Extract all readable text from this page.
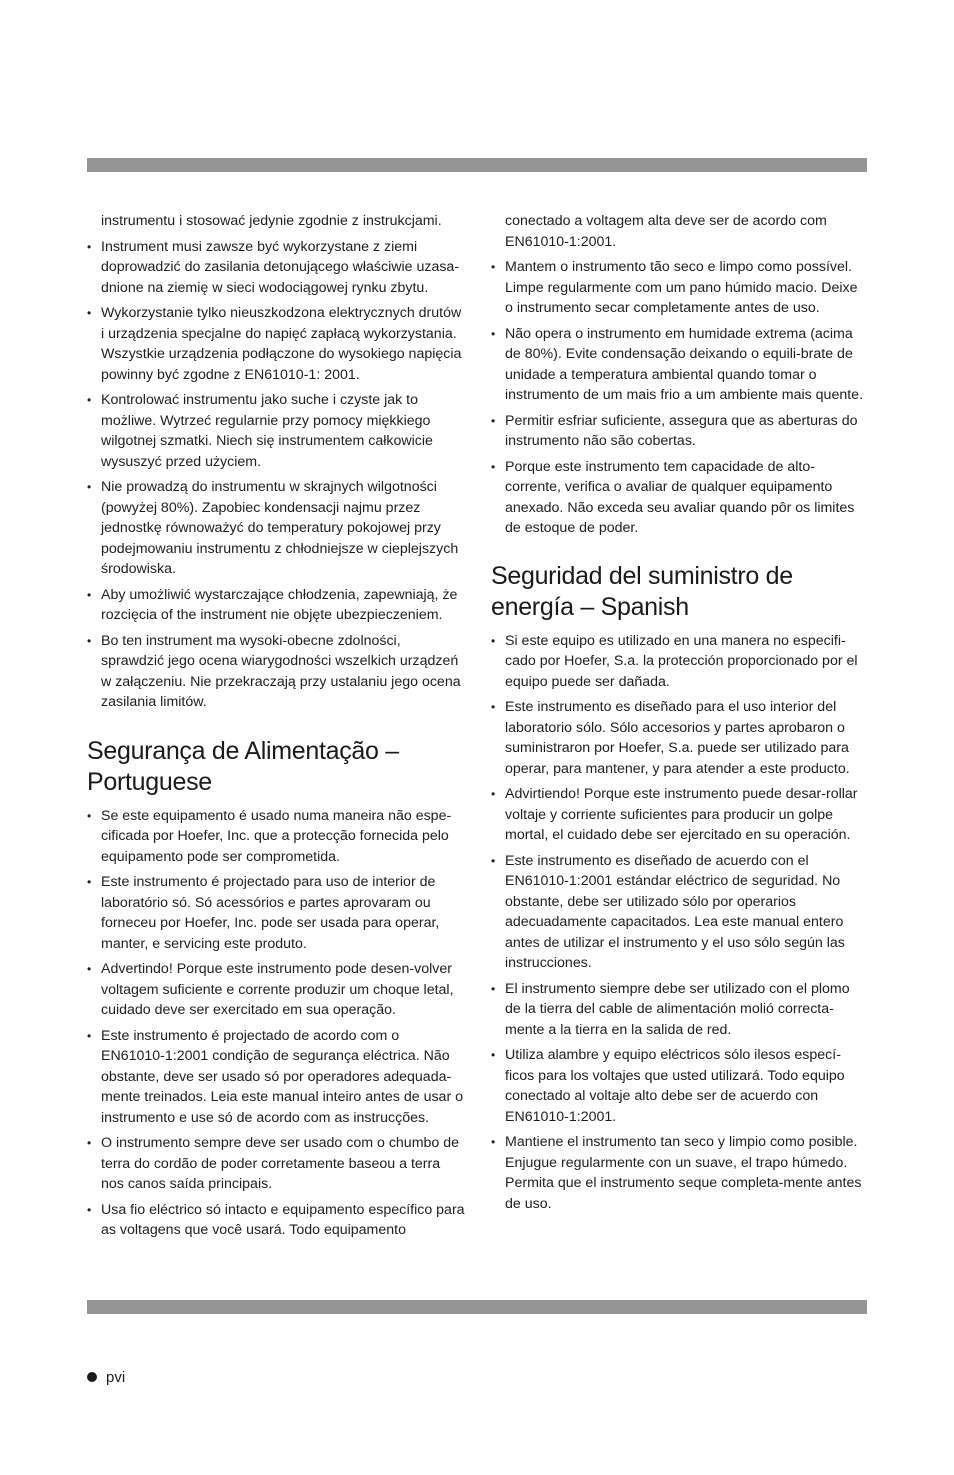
instrumentu i stosować jedynie zgodnie z instrukcjami.

• Instrument musi zawsze być wykorzystane z ziemi doprowadzić do zasilania detonującego właściwie uzasa-dnione na ziemię w sieci wodociągowej rynku zbytu.
• Wykorzystanie tylko nieuszkodzona elektrycznych drutów i urządzenia specjalne do napięć zapłacą wykorzystania. Wszystkie urządzenia podłączone do wysokiego napięcia powinny być zgodne z EN61010-1: 2001.
• Kontrolować instrumentu jako suche i czyste jak to możliwe. Wytrzeć regularnie przy pomocy miękkiego wilgotnej szmatki. Niech się instrumentem całkowicie wysuszyć przed użyciem.
• Nie prowadzą do instrumentu w skrajnych wilgotności (powyżej 80%). Zapobiec kondensacji najmu przez jednostkę równoważyć do temperatury pokojowej przy podejmowaniu instrumentu z chłodniejsze w cieplejszych środowiska.
• Aby umożliwić wystarczające chłodzenia, zapewniają, że rozcięcia of the instrument nie objęte ubezpieczeniem.
• Bo ten instrument ma wysoki-obecne zdolności, sprawdzić jego ocena wiarygodności wszelkich urządzeń w załączeniu. Nie przekraczają przy ustalaniu jego ocena zasilania limitów.
Segurança de Alimentação – Portuguese
• Se este equipamento é usado numa maneira não espe-cificada por Hoefer, Inc. que a protecção fornecida pelo equipamento pode ser comprometida.
• Este instrumento é projectado para uso de interior de laboratório só. Só acessórios e partes aprovaram ou forneceu por Hoefer, Inc. pode ser usada para operar, manter, e servicing este produto.
• Advertindo! Porque este instrumento pode desen-volver voltagem suficiente e corrente produzir um choque letal, cuidado deve ser exercitado em sua operação.
• Este instrumento é projectado de acordo com o EN61010-1:2001 condição de segurança eléctrica. Não obstante, deve ser usado só por operadores adequada-mente treinados. Leia este manual inteiro antes de usar o instrumento e use só de acordo com as instrucções.
• O instrumento sempre deve ser usado com o chumbo de terra do cordão de poder corretamente baseou a terra nos canos saída principais.
• Usa fio eléctrico só intacto e equipamento específico para as voltagens que você usará. Todo equipamento

conectado a voltagem alta deve ser de acordo com EN61010-1:2001.

• Mantem o instrumento tão seco e limpo como possível. Limpe regularmente com um pano húmido macio. Deixe o instrumento secar completamente antes de uso.
• Não opera o instrumento em humidade extrema (acima de 80%). Evite condensação deixando o equili-brate de unidade a temperatura ambiental quando tomar o instrumento de um mais frio a um ambiente mais quente.
• Permitir esfriar suficiente, assegura que as aberturas do instrumento não são cobertas.
• Porque este instrumento tem capacidade de alto-corrente, verifica o avaliar de qualquer equipamento anexado. Não exceda seu avaliar quando pôr os limites de estoque de poder.
Seguridad del suministro de energía – Spanish
• Si este equipo es utilizado en una manera no especifi-cado por Hoefer, S.a. la protección proporcionado por el equipo puede ser dañada.
• Este instrumento es diseñado para el uso interior del laboratorio sólo. Sólo accesorios y partes aprobaron o suministraron por Hoefer, S.a. puede ser utilizado para operar, para mantener, y para atender a este producto.
• Advirtiendo! Porque este instrumento puede desar-rollar voltaje y corriente suficientes para producir un golpe mortal, el cuidado debe ser ejercitado en su operación.
• Este instrumento es diseñado de acuerdo con el EN61010-1:2001 estándar eléctrico de seguridad. No obstante, debe ser utilizado sólo por operarios adecuadamente capacitados. Lea este manual entero antes de utilizar el instrumento y el uso sólo según las instrucciones.
• El instrumento siempre debe ser utilizado con el plomo de la tierra del cable de alimentación molió correcta-mente a la tierra en la salida de red.
• Utiliza alambre y equipo eléctricos sólo ilesos especí-ficos para los voltajes que usted utilizará. Todo equipo conectado al voltaje alto debe ser de acuerdo con EN61010-1:2001.
• Mantiene el instrumento tan seco y limpio como posible. Enjugue regularmente con un suave, el trapo húmedo. Permita que el instrumento seque completa-mente antes de uso.
pvi
